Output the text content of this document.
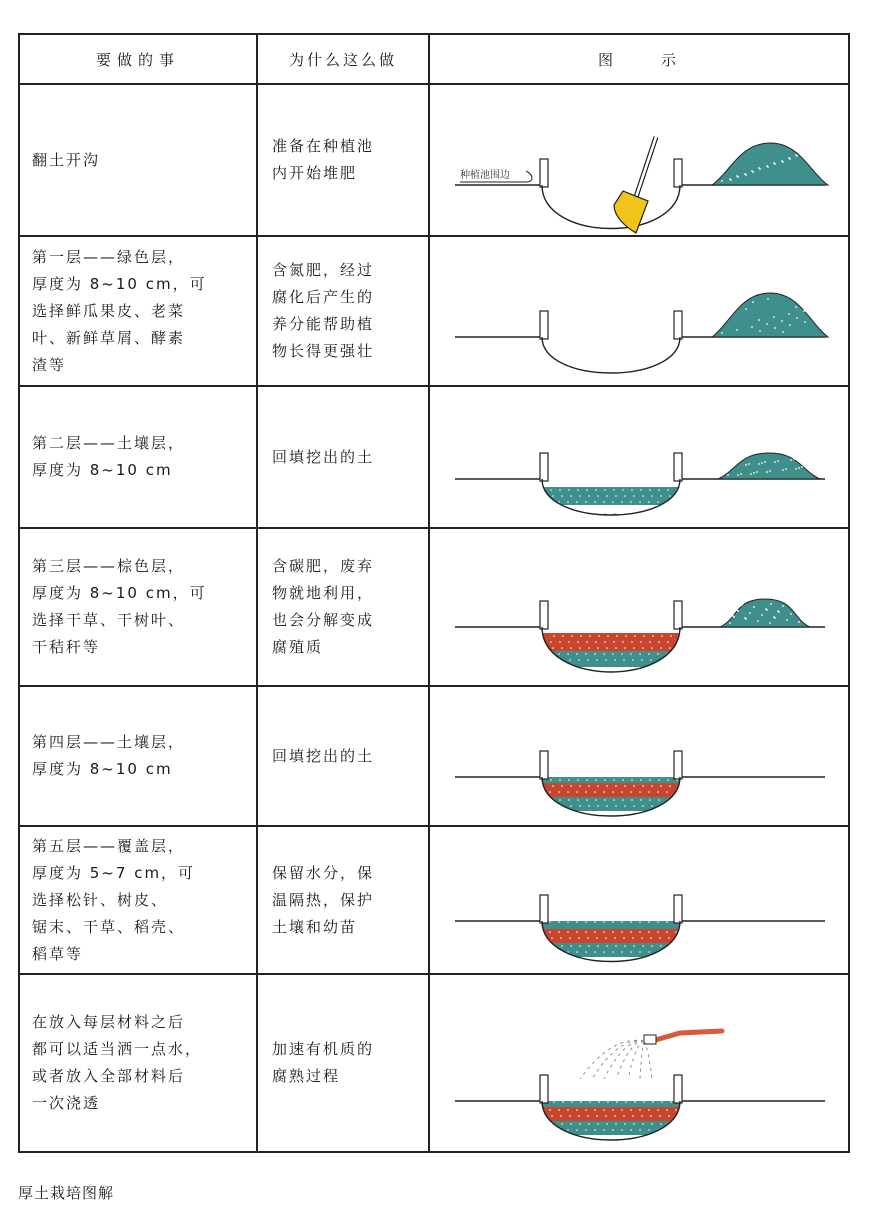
要做的事	为什么这么做	图　　示
翻土开沟
准备在种植池
内开始堆肥
第一层——绿色层，
厚度为 8~10 cm，可
选择鲜瓜果皮、老菜
叶、新鲜草屑、酵素
渣等
含氮肥，经过
腐化后产生的
养分能帮助植
物长得更强壮
第二层——土壤层，
厚度为 8~10 cm
回填挖出的土
第三层——棕色层，
厚度为 8~10 cm，可
选择干草、干树叶、
干秸秆等
含碳肥，废弃
物就地利用，
也会分解变成
腐殖质
第四层——土壤层，
厚度为 8~10 cm
回填挖出的土
第五层——覆盖层，
厚度为 5~7 cm，可
选择松针、树皮、
锯末、干草、稻壳、
稻草等
保留水分，保
温隔热，保护
土壤和幼苗
在放入每层材料之后
都可以适当洒一点水，
或者放入全部材料后
一次浇透
加速有机质的
腐熟过程
种植池围边
厚土栽培图解
